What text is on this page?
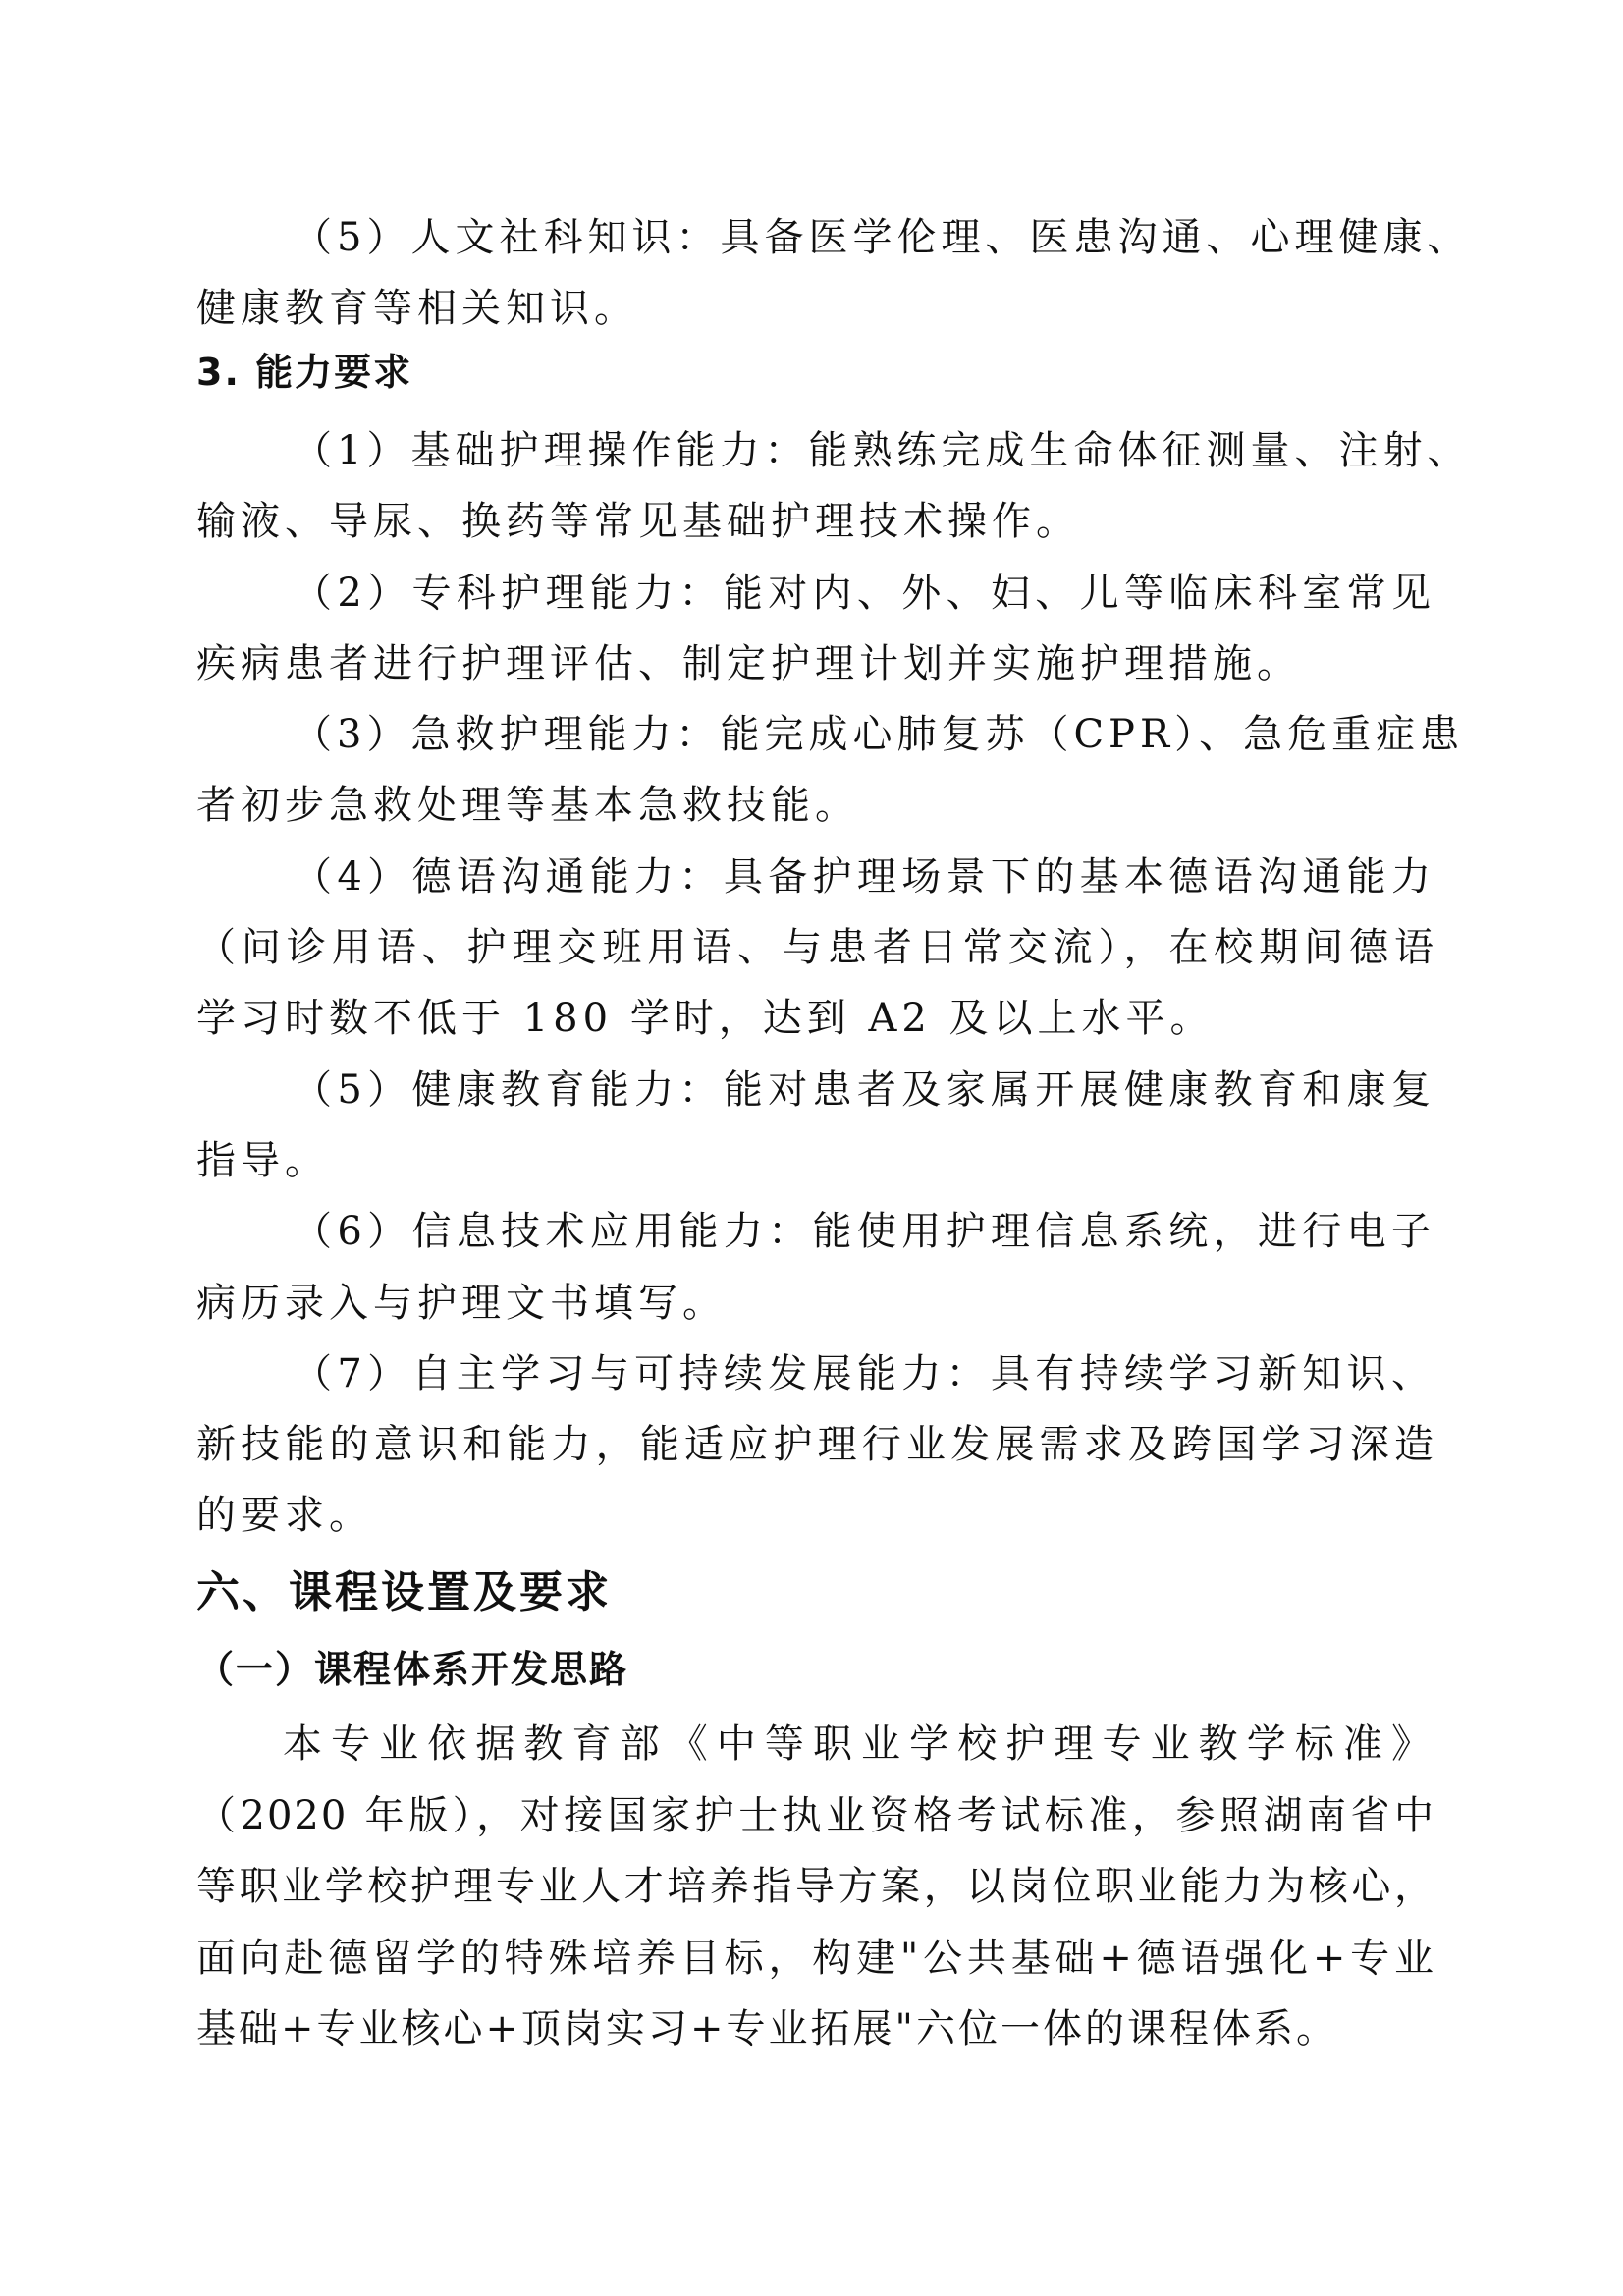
（5）人文社科知识：具备医学伦理、医患沟通、心理健康、
健康教育等相关知识。
3. 能力要求
（1）基础护理操作能力：能熟练完成生命体征测量、注射、
输液、导尿、换药等常见基础护理技术操作。
（2）专科护理能力：能对内、外、妇、儿等临床科室常见
疾病患者进行护理评估、制定护理计划并实施护理措施。
（3）急救护理能力：能完成心肺复苏（CPR）、急危重症患
者初步急救处理等基本急救技能。
（4）德语沟通能力：具备护理场景下的基本德语沟通能力
（问诊用语、护理交班用语、与患者日常交流），在校期间德语
学习时数不低于 180 学时，达到 A2 及以上水平。
（5）健康教育能力：能对患者及家属开展健康教育和康复
指导。
（6）信息技术应用能力：能使用护理信息系统，进行电子
病历录入与护理文书填写。
（7）自主学习与可持续发展能力：具有持续学习新知识、
新技能的意识和能力，能适应护理行业发展需求及跨国学习深造
的要求。
六、课程设置及要求
（一）课程体系开发思路
本专业依据教育部《中等职业学校护理专业教学标准》
（2020 年版），对接国家护士执业资格考试标准，参照湖南省中
等职业学校护理专业人才培养指导方案，以岗位职业能力为核心，
面向赴德留学的特殊培养目标，构建"公共基础+德语强化+专业
基础+专业核心+顶岗实习+专业拓展"六位一体的课程体系。
